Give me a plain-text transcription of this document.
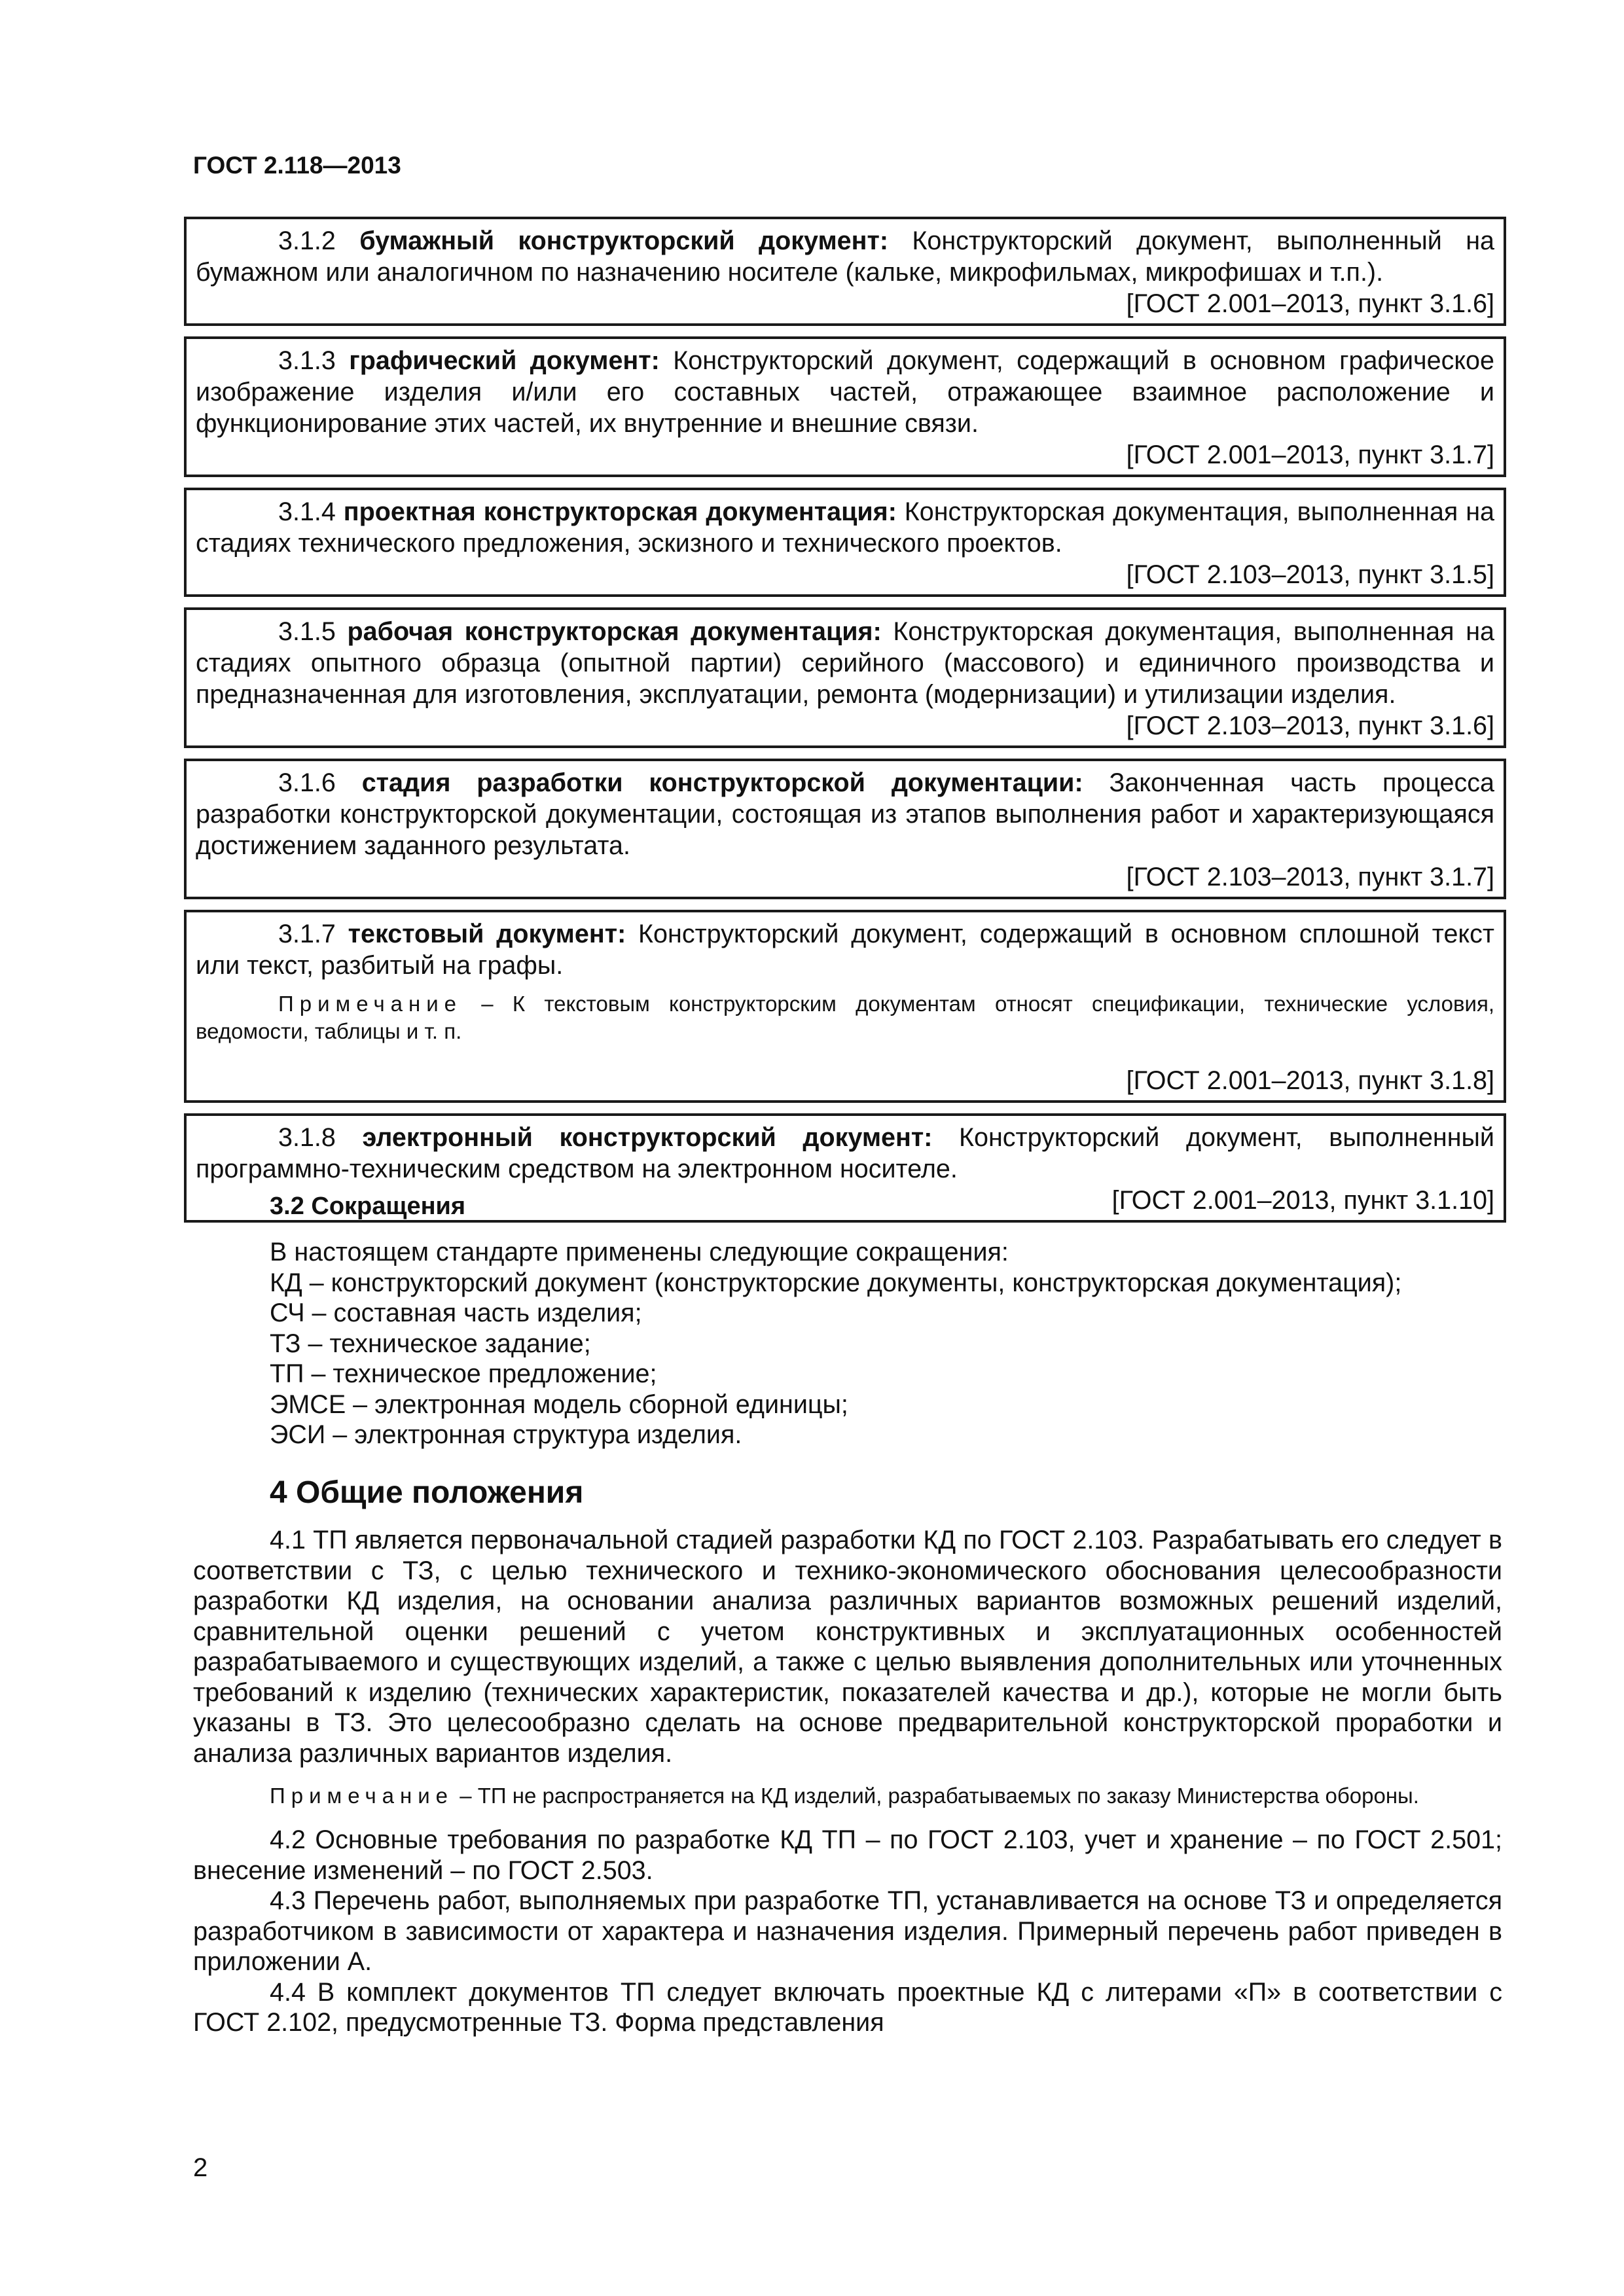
ГОСТ 2.118—2013
3.1.2 бумажный конструкторский документ: Конструкторский документ, выполненный на бумажном или аналогичном по назначению носителе (кальке, микрофильмах, микрофишах и т.п.).
[ГОСТ 2.001–2013, пункт 3.1.6]
3.1.3 графический документ: Конструкторский документ, содержащий в основном графическое изображение изделия и/или его составных частей, отражающее взаимное расположение и функционирование этих частей, их внутренние и внешние связи.
[ГОСТ 2.001–2013, пункт 3.1.7]
3.1.4 проектная конструкторская документация: Конструкторская документация, выполненная на стадиях технического предложения, эскизного и технического проектов.
[ГОСТ 2.103–2013, пункт 3.1.5]
3.1.5 рабочая конструкторская документация: Конструкторская документация, выполненная на стадиях опытного образца (опытной партии) серийного (массового) и единичного производства и предназначенная для изготовления, эксплуатации, ремонта (модернизации) и утилизации изделия.
[ГОСТ 2.103–2013, пункт 3.1.6]
3.1.6 стадия разработки конструкторской документации: Законченная часть процесса разработки конструкторской документации, состоящая из этапов выполнения работ и характеризующаяся достижением заданного результата.
[ГОСТ 2.103–2013, пункт 3.1.7]
3.1.7 текстовый документ: Конструкторский документ, содержащий в основном сплошной текст или текст, разбитый на графы.
Примечание – К текстовым конструкторским документам относят спецификации, технические условия, ведомости, таблицы и т. п.
[ГОСТ 2.001–2013, пункт 3.1.8]
3.1.8 электронный конструкторский документ: Конструкторский документ, выполненный программно-техническим средством на электронном носителе.
[ГОСТ 2.001–2013, пункт 3.1.10]
3.2 Сокращения
В настоящем стандарте применены следующие сокращения:
КД – конструкторский документ (конструкторские документы, конструкторская документация);
СЧ – составная часть изделия;
ТЗ – техническое задание;
ТП – техническое предложение;
ЭМСЕ – электронная модель сборной единицы;
ЭСИ – электронная структура изделия.
4 Общие положения
4.1 ТП является первоначальной стадией разработки КД по ГОСТ 2.103. Разрабатывать его следует в соответствии с ТЗ, с целью технического и технико-экономического обоснования целесообразности разработки КД изделия, на основании анализа различных вариантов возможных решений изделий, сравнительной оценки решений с учетом конструктивных и эксплуатационных особенностей разрабатываемого и существующих изделий, а также с целью выявления дополнительных или уточненных требований к изделию (технических характеристик, показателей качества и др.), которые не могли быть указаны в ТЗ. Это целесообразно сделать на основе предварительной конструкторской проработки и анализа различных вариантов изделия.
Примечание – ТП не распространяется на КД изделий, разрабатываемых по заказу Министерства обороны.
4.2 Основные требования по разработке КД ТП – по ГОСТ 2.103, учет и хранение – по ГОСТ 2.501; внесение изменений – по ГОСТ 2.503.
4.3 Перечень работ, выполняемых при разработке ТП, устанавливается на основе ТЗ и определяется разработчиком в зависимости от характера и назначения изделия. Примерный перечень работ приведен в приложении А.
4.4 В комплект документов ТП следует включать проектные КД с литерами «П» в соответствии с ГОСТ 2.102, предусмотренные ТЗ. Форма представления
2
